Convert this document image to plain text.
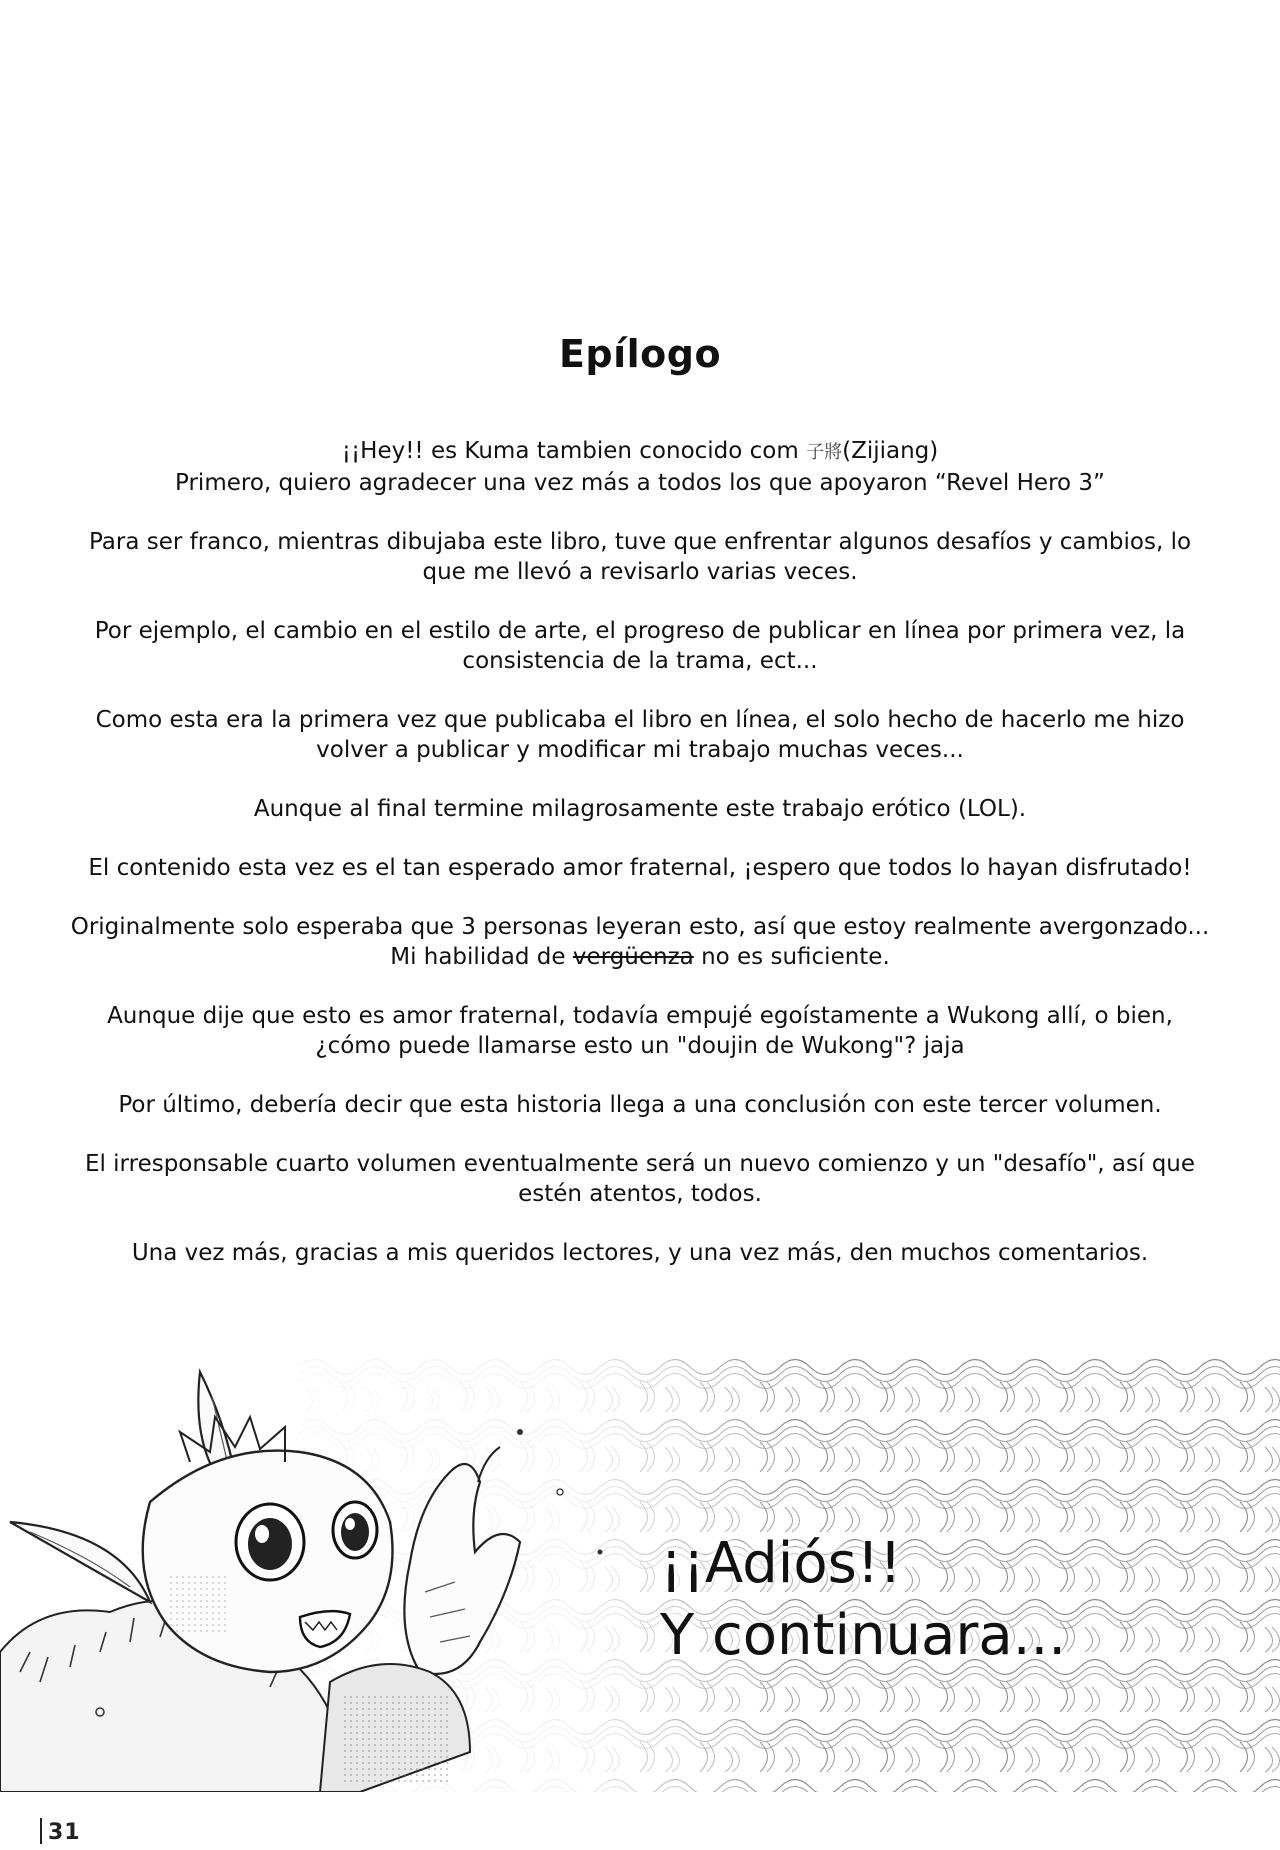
Epílogo
¡¡Hey!! es Kuma tambien conocido com 子將(Zijiang)
Primero, quiero agradecer una vez más a todos los que apoyaron “Revel Hero 3”
Para ser franco, mientras dibujaba este libro, tuve que enfrentar algunos desafíos y cambios, lo
que me llevó a revisarlo varias veces.
Por ejemplo, el cambio en el estilo de arte, el progreso de publicar en línea por primera vez, la
consistencia de la trama, ect...
Como esta era la primera vez que publicaba el libro en línea, el solo hecho de hacerlo me hizo
volver a publicar y modificar mi trabajo muchas veces...
Aunque al final termine milagrosamente este trabajo erótico (LOL).
El contenido esta vez es el tan esperado amor fraternal, ¡espero que todos lo hayan disfrutado!
Originalmente solo esperaba que 3 personas leyeran esto, así que estoy realmente avergonzado...
Mi habilidad de vergüenza no es suficiente.
Aunque dije que esto es amor fraternal, todavía empujé egoístamente a Wukong allí, o bien,
¿cómo puede llamarse esto un "doujin de Wukong"? jaja
Por último, debería decir que esta historia llega a una conclusión con este tercer volumen.
El irresponsable cuarto volumen eventualmente será un nuevo comienzo y un "desafío", así que
estén atentos, todos.
Una vez más, gracias a mis queridos lectores, y una vez más, den muchos comentarios.
¡¡Adiós!!
Y continuara...
31
